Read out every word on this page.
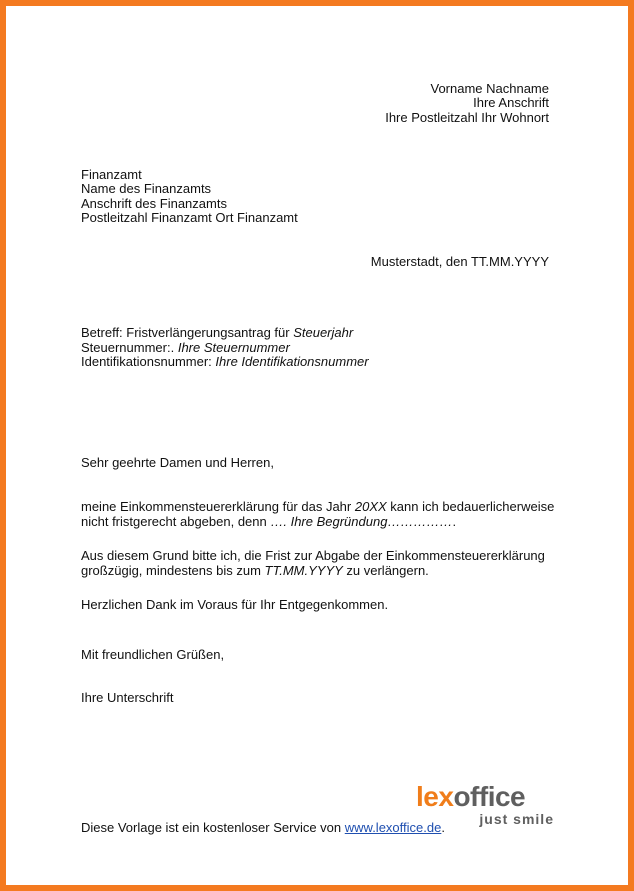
Vorname Nachname
Ihre Anschrift
Ihre Postleitzahl Ihr Wohnort
Finanzamt
Name des Finanzamts
Anschrift des Finanzamts
Postleitzahl Finanzamt Ort Finanzamt
Musterstadt, den TT.MM.YYYY
Betreff: Fristverlängerungsantrag für Steuerjahr
Steuernummer:. Ihre Steuernummer
Identifikationsnummer: Ihre Identifikationsnummer
Sehr geehrte Damen und Herren,
meine Einkommensteuererklärung für das Jahr 20XX kann ich bedauerlicherweise
nicht fristgerecht abgeben, denn …. Ihre Begründung…………….
Aus diesem Grund bitte ich, die Frist zur Abgabe der Einkommensteuererklärung
großzügig, mindestens bis zum TT.MM.YYYY zu verlängern.
Herzlichen Dank im Voraus für Ihr Entgegenkommen.
Mit freundlichen Grüßen,
Ihre Unterschrift
lexoffice
just smile
Diese Vorlage ist ein kostenloser Service von www.lexoffice.de.
